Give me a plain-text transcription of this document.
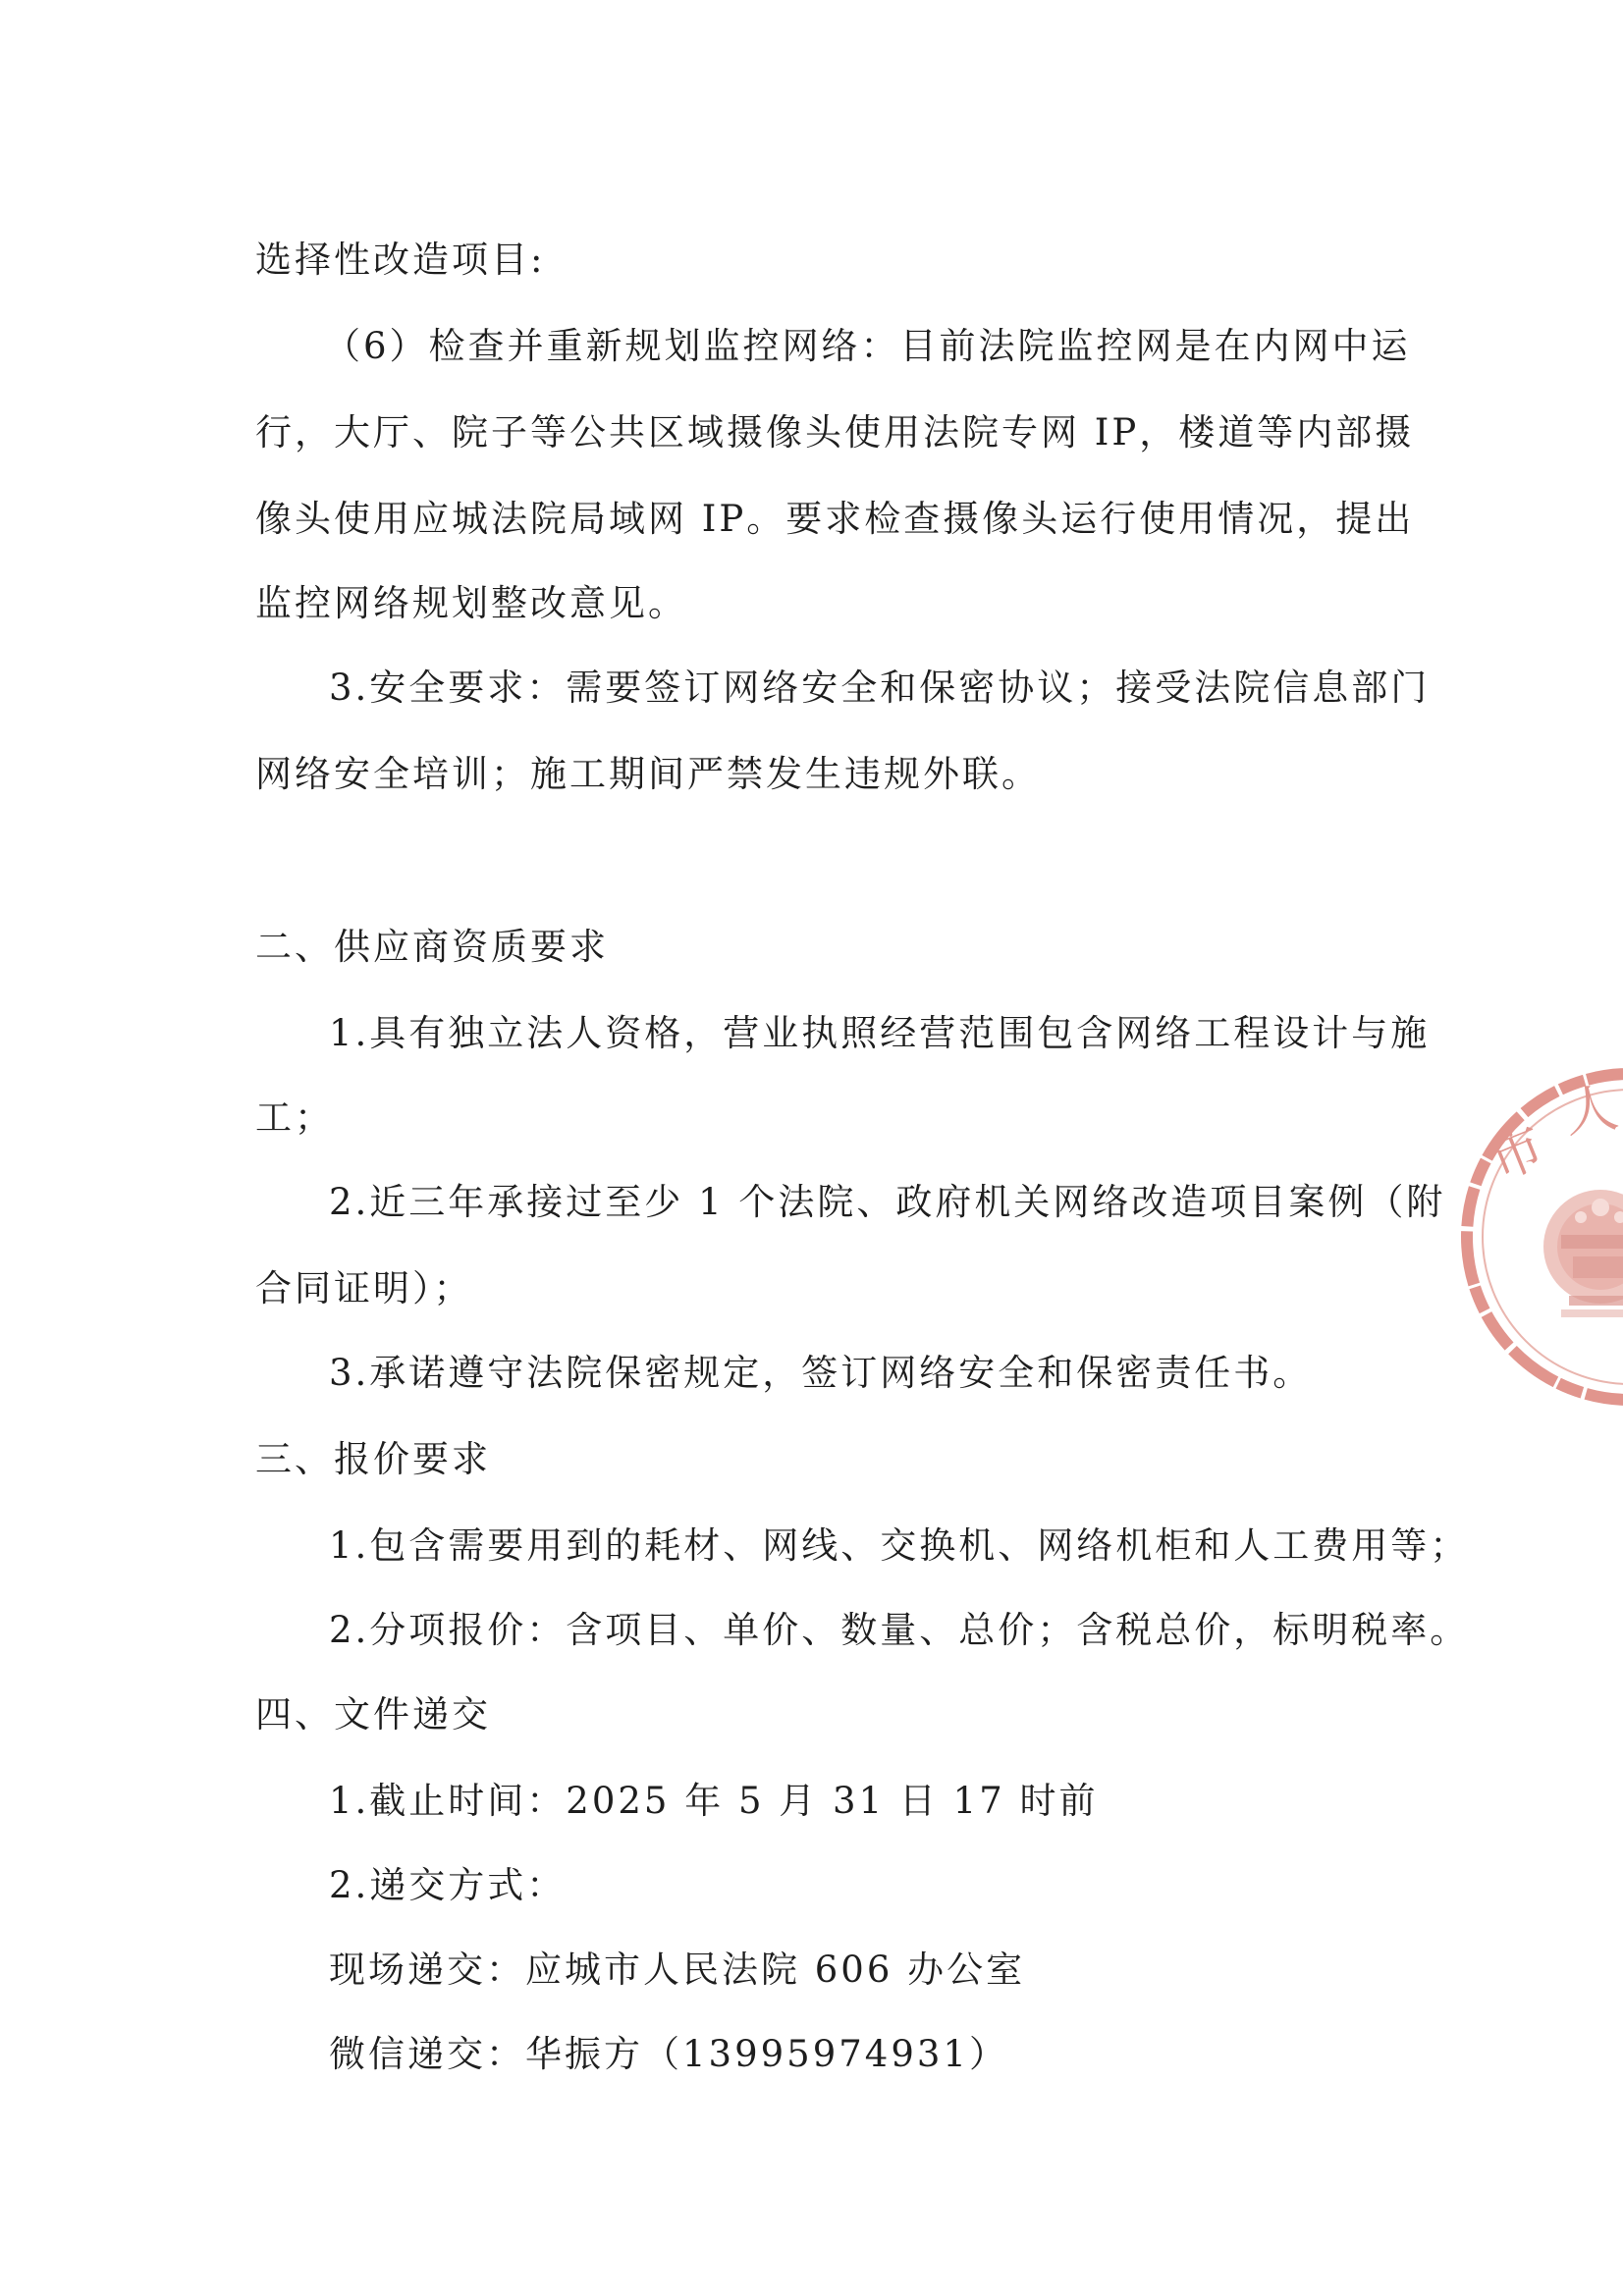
选择性改造项目:
（6）检查并重新规划监控网络：目前法院监控网是在内网中运
行，大厅、院子等公共区域摄像头使用法院专网 IP，楼道等内部摄
像头使用应城法院局域网 IP。要求检查摄像头运行使用情况，提出
监控网络规划整改意见。
3.安全要求：需要签订网络安全和保密协议；接受法院信息部门
网络安全培训；施工期间严禁发生违规外联。
二、供应商资质要求
1.具有独立法人资格，营业执照经营范围包含网络工程设计与施
工；
2.近三年承接过至少 1 个法院、政府机关网络改造项目案例（附
合同证明）；
3.承诺遵守法院保密规定，签订网络安全和保密责任书。
三、报价要求
1.包含需要用到的耗材、网线、交换机、网络机柜和人工费用等；
2.分项报价：含项目、单价、数量、总价；含税总价，标明税率。
四、文件递交
1.截止时间：2025 年 5 月 31 日 17 时前
2.递交方式：
现场递交：应城市人民法院 606 办公室
微信递交：华振方（13995974931）
市
人
